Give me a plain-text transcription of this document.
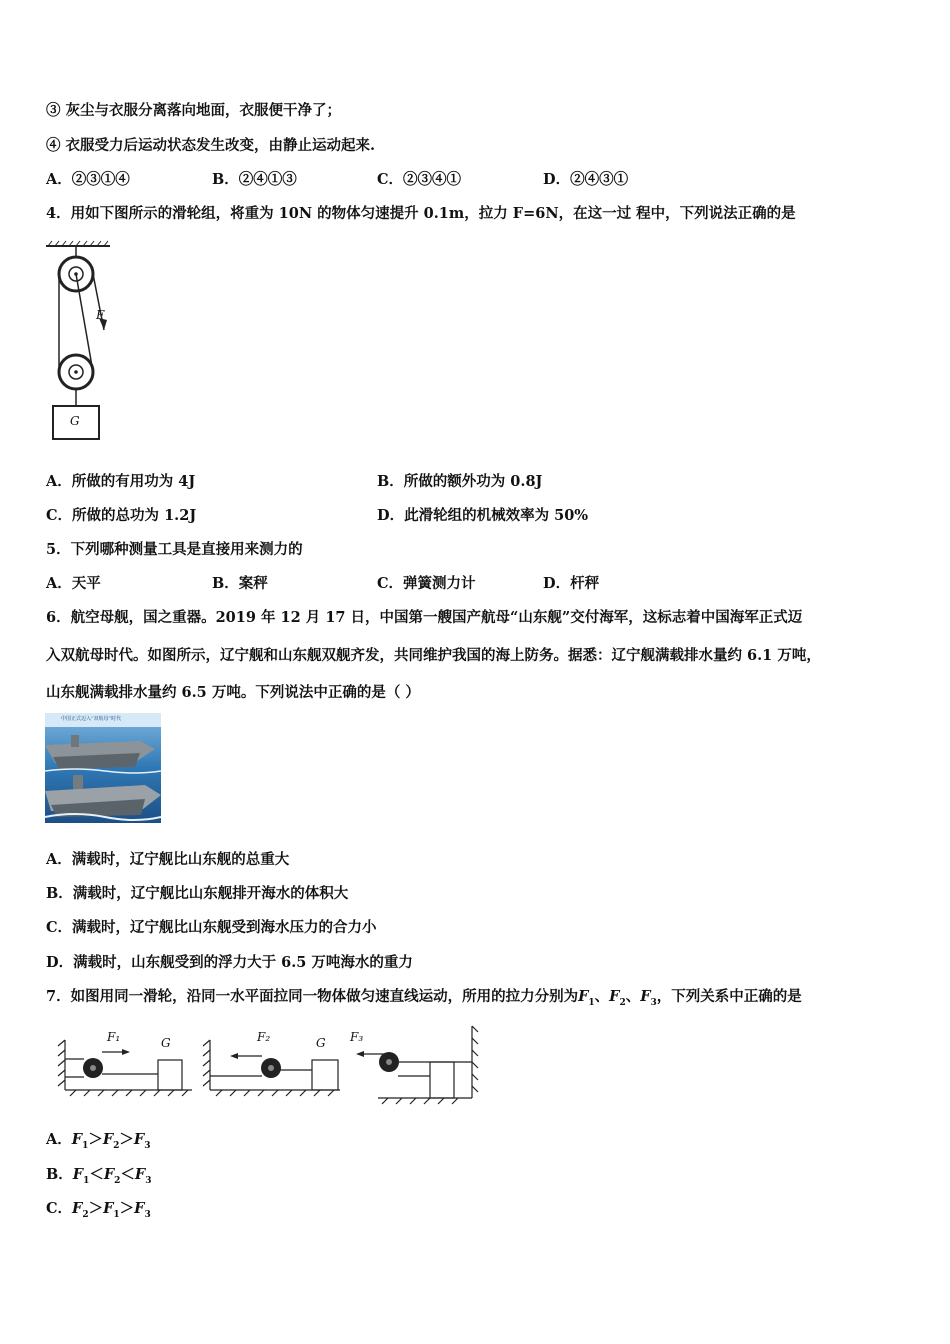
③ 灰尘与衣服分离落向地面，衣服便干净了；
④ 衣服受力后运动状态发生改变，由静止运动起来.
A．②③①④	B．②④①③	C．②③④①	D．②④③①
4．用如下图所示的滑轮组，将重为 10N 的物体匀速提升 0.1m，拉力 F=6N，在这一过 程中，下列说法正确的是
F
G
A．所做的有用功为 4J	B．所做的额外功为 0.8J
C．所做的总功为 1.2J	D．此滑轮组的机械效率为 50%
5．下列哪种测量工具是直接用来测力的
A．天平	B．案秤	C．弹簧测力计	D．杆秤
6．航空母舰，国之重器。2019 年 12 月 17 日，中国第一艘国产航母“山东舰”交付海军，这标志着中国海军正式迈
入双航母时代。如图所示，辽宁舰和山东舰双舰齐发，共同维护我国的海上防务。据悉：辽宁舰满载排水量约 6.1 万吨，
山东舰满载排水量约 6.5 万吨。下列说法中正确的是（ ）
中国正式迈入“双航母”时代
A．满载时，辽宁舰比山东舰的总重大
B．满载时，辽宁舰比山东舰排开海水的体积大
C．满载时，辽宁舰比山东舰受到海水压力的合力小
D．满载时，山东舰受到的浮力大于 6.5 万吨海水的重力
7．如图用同一滑轮，沿同一水平面拉同一物体做匀速直线运动，所用的拉力分别为$F_1$、$F_2$、$F_3$，下列关系中正确的是
F₁	G	F₂	G F₃
A．$F_1>F_2>F_3$
B．$F_1<F_2<F_3$
C．$F_2>F_1>F_3$
